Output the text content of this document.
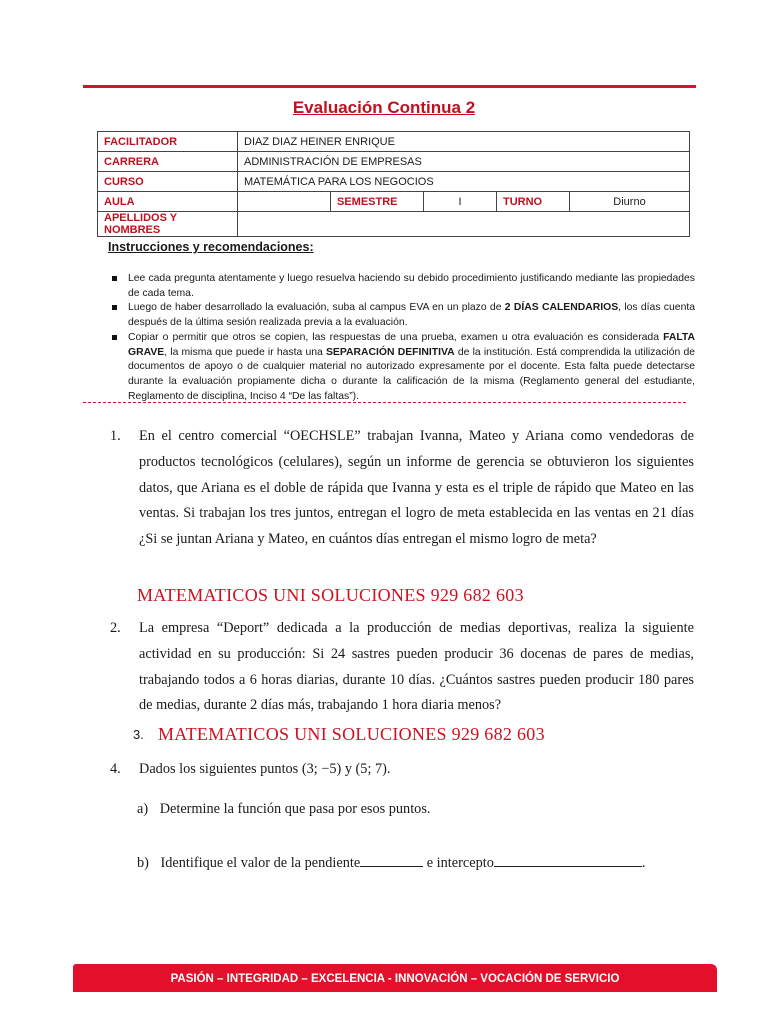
Evaluación Continua 2
FACILITADOR	DIAZ DIAZ HEINER ENRIQUE				
CARRERA	ADMINISTRACIÓN DE EMPRESAS				
CURSO	MATEMÁTICA PARA LOS NEGOCIOS				
AULA		SEMESTRE	I	TURNO	Diurno
APELLIDOS Y NOMBRES					
Instrucciones y recomendaciones:
Lee cada pregunta atentamente y luego resuelva haciendo su debido procedimiento justificando mediante las propiedades de cada tema.
Luego de haber desarrollado la evaluación, suba al campus EVA en un plazo de 2 DÍAS CALENDARIOS, los días cuenta después de la última sesión realizada previa a la evaluación.
Copiar o permitir que otros se copien, las respuestas de una prueba, examen u otra evaluación es considerada FALTA GRAVE, la misma que puede ir hasta una SEPARACIÓN DEFINITIVA de la institución. Está comprendida la utilización de documentos de apoyo o de cualquier material no autorizado expresamente por el docente. Esta falta puede detectarse durante la evaluación propiamente dicha o durante la calificación de la misma (Reglamento general del estudiante, Reglamento de disciplina, Inciso 4 “De las faltas”).
1. En el centro comercial “OECHSLE” trabajan Ivanna, Mateo y Ariana como vendedoras de productos tecnológicos (celulares), según un informe de gerencia se obtuvieron los siguientes datos, que Ariana es el doble de rápida que Ivanna y esta es el triple de rápido que Mateo en las ventas. Si trabajan los tres juntos, entregan el logro de meta establecida en las ventas en 21 días ¿Si se juntan Ariana y Mateo, en cuántos días entregan el mismo logro de meta?
MATEMATICOS UNI SOLUCIONES 929 682 603
2. La empresa “Deport” dedicada a la producción de medias deportivas, realiza la siguiente actividad en su producción: Si 24 sastres pueden producir 36 docenas de pares de medias, trabajando todos a 6 horas diarias, durante 10 días. ¿Cuántos sastres pueden producir 180 pares de medias, durante 2 días más, trabajando 1 hora diaria menos?
3. MATEMATICOS UNI SOLUCIONES 929 682 603
4. Dados los siguientes puntos (3; −5) y (5; 7).
a) Determine la función que pasa por esos puntos.
b) Identifique el valor de la pendiente	e intercepto	.
PASIÓN – INTEGRIDAD – EXCELENCIA - INNOVACIÓN – VOCACIÓN DE SERVICIO
